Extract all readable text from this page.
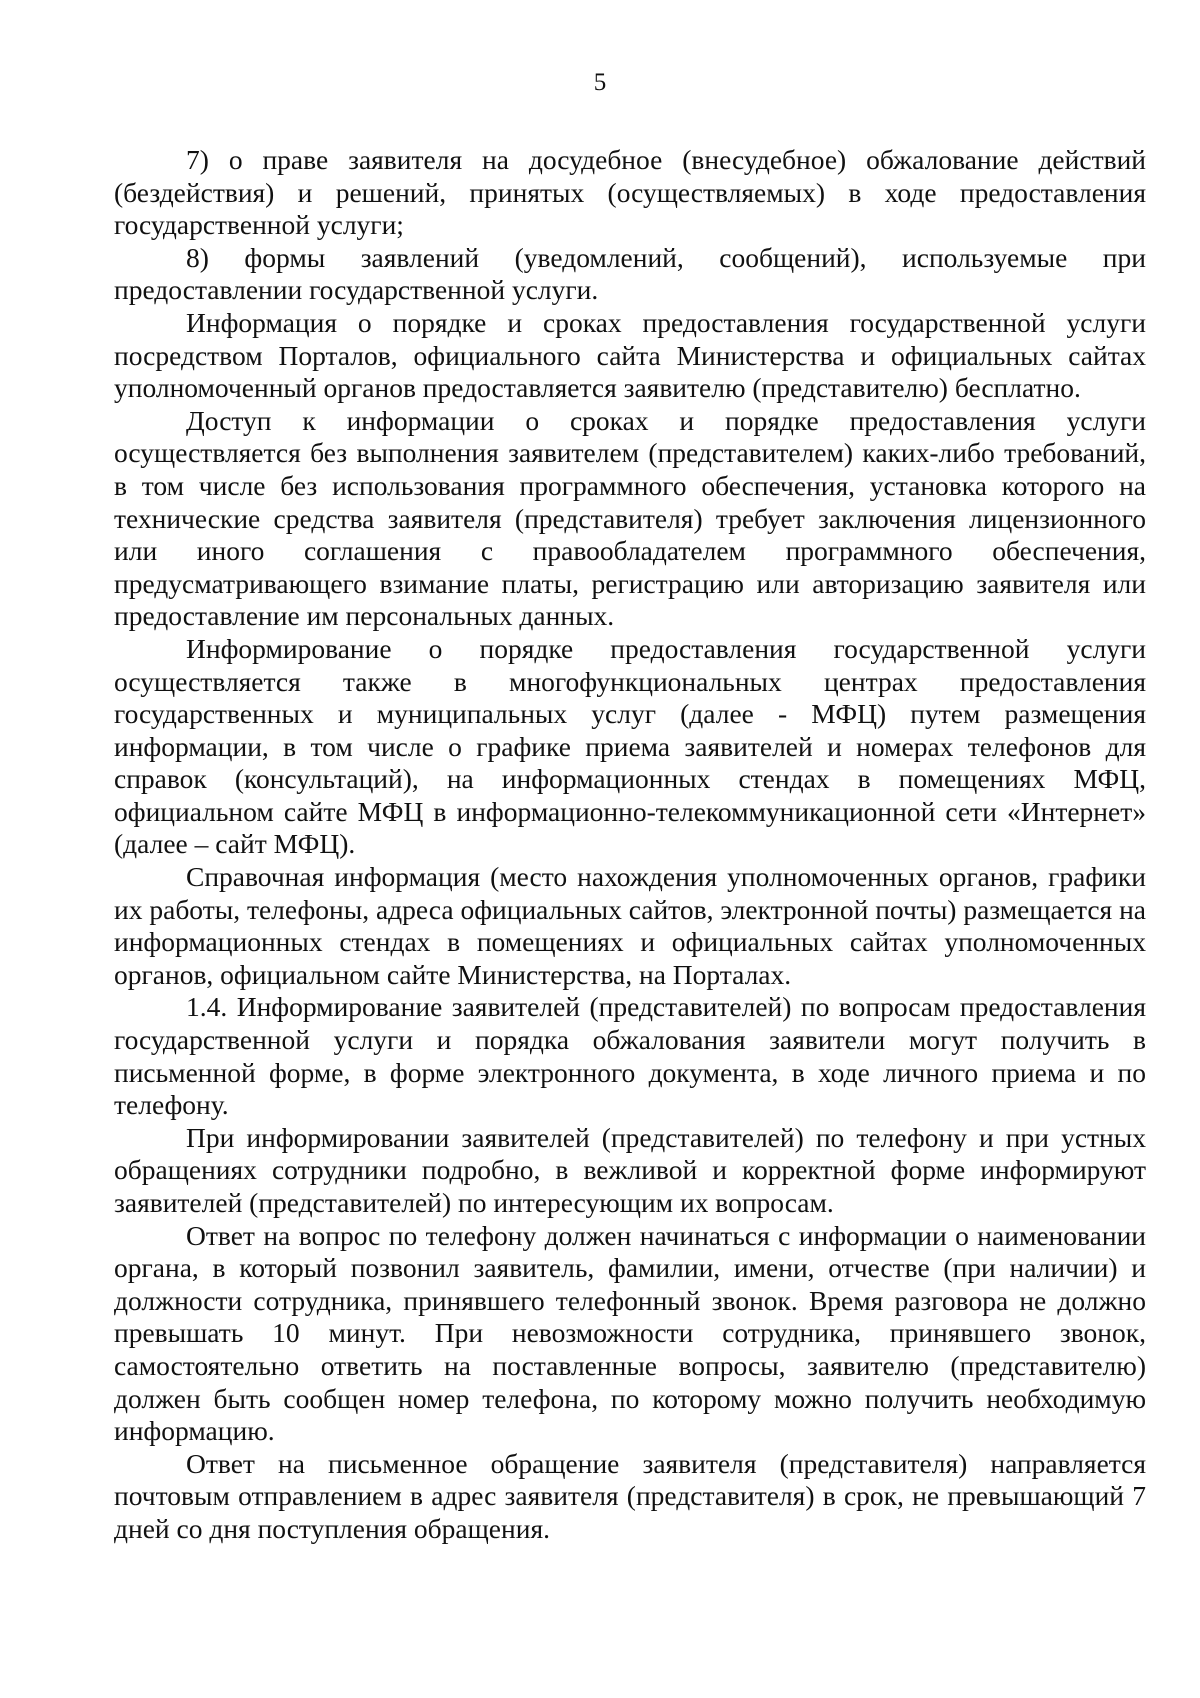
5

7) о праве заявителя на досудебное (внесудебное) обжалование действий (бездействия) и решений, принятых (осуществляемых) в ходе предоставления государственной услуги;

8) формы заявлений (уведомлений, сообщений), используемые при предоставлении государственной услуги.

Информация о порядке и сроках предоставления государственной услуги посредством Порталов, официального сайта Министерства и официальных сайтах уполномоченный органов предоставляется заявителю (представителю) бесплатно.

Доступ к информации о сроках и порядке предоставления услуги осуществляется без выполнения заявителем (представителем) каких-либо требований, в том числе без использования программного обеспечения, установка которого на технические средства заявителя (представителя) требует заключения лицензионного или иного соглашения с правообладателем программного обеспечения, предусматривающего взимание платы, регистрацию или авторизацию заявителя или предоставление им персональных данных.

Информирование о порядке предоставления государственной услуги осуществляется также в многофункциональных центрах предоставления государственных и муниципальных услуг (далее - МФЦ) путем размещения информации, в том числе о графике приема заявителей и номерах телефонов для справок (консультаций), на информационных стендах в помещениях МФЦ, официальном сайте МФЦ в информационно-телекоммуникационной сети «Интернет» (далее – сайт МФЦ).

Справочная информация (место нахождения уполномоченных органов, графики их работы, телефоны, адреса официальных сайтов, электронной почты) размещается на информационных стендах в помещениях и официальных сайтах уполномоченных органов, официальном сайте Министерства, на Порталах.

1.4. Информирование заявителей (представителей) по вопросам предоставления государственной услуги и порядка обжалования заявители могут получить в письменной форме, в форме электронного документа, в ходе личного приема и по телефону.

При информировании заявителей (представителей) по телефону и при устных обращениях сотрудники подробно, в вежливой и корректной форме информируют заявителей (представителей) по интересующим их вопросам.

Ответ на вопрос по телефону должен начинаться с информации о наименовании органа, в который позвонил заявитель, фамилии, имени, отчестве (при наличии) и должности сотрудника, принявшего телефонный звонок. Время разговора не должно превышать 10 минут. При невозможности сотрудника, принявшего звонок, самостоятельно ответить на поставленные вопросы, заявителю (представителю) должен быть сообщен номер телефона, по которому можно получить необходимую информацию.

Ответ на письменное обращение заявителя (представителя) направляется почтовым отправлением в адрес заявителя (представителя) в срок, не превышающий 7 дней со дня поступления обращения.
